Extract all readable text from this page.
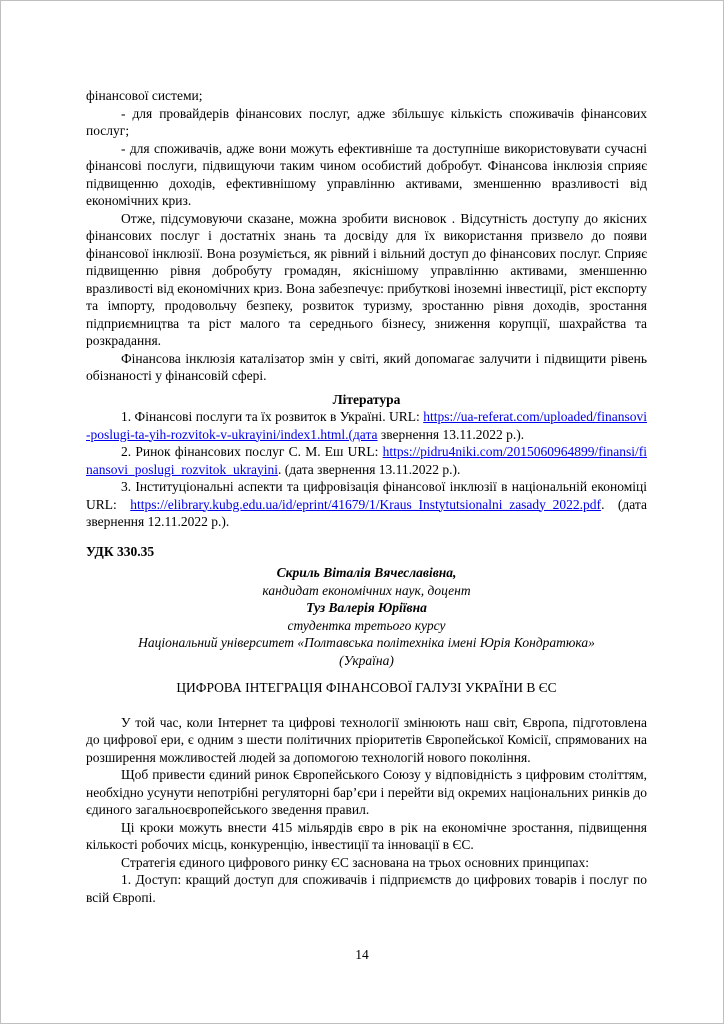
фінансової системи;

- для провайдерів фінансових послуг, адже збільшує кількість споживачів фінансових послуг;

- для споживачів, адже вони можуть ефективніше та доступніше використовувати сучасні фінансові послуги, підвищуючи таким чином особистий добробут. Фінансова інклюзія сприяє підвищенню доходів, ефективнішому управлінню активами, зменшенню вразливості від економічних криз.

Отже, підсумовуючи сказане, можна зробити висновок . Відсутність доступу до якісних фінансових послуг і достатніх знань та досвіду для їх використання призвело до появи фінансової інклюзії. Вона розуміється, як рівний і вільний доступ до фінансових послуг. Сприяє підвищенню рівня добробуту громадян, якіснішому управлінню активами, зменшенню вразливості від економічних криз. Вона забезпечує: прибуткові іноземні інвестиції, ріст експорту та імпорту, продовольчу безпеку, розвиток туризму, зростанню рівня доходів, зростання підприємництва та ріст малого та середнього бізнесу, зниження корупції, шахрайства та розкрадання.

Фінансова інклюзія каталізатор змін у світі, який допомагає залучити і підвищити рівень обізнаності у фінансовій сфері.

Література

1. Фінансові послуги та їх розвиток в Україні. URL: https://ua-referat.com/uploaded/finansovi-poslugi-ta-yih-rozvitok-v-ukrayini/index1.html.(дата звернення 13.11.2022 р.).

2. Ринок фінансових послуг С. М. Еш URL: https://pidru4niki.com/2015060964899/finansi/finansovi_poslugi_rozvitok_ukrayini. (дата звернення 13.11.2022 р.).

3. Інституціональні аспекти та цифровізація фінансової інклюзії в національній економіці URL: https://elibrary.kubg.edu.ua/id/eprint/41679/1/Kraus_Instytutsionalni_zasady_2022.pdf. (дата звернення 12.11.2022 р.).

УДК 330.35

Скриль Віталія Вячеславівна,

кандидат економічних наук, доцент

Туз Валерія Юріївна

студентка третього курсу

Національний університет «Полтавська політехніка імені Юрія Кондратюка»

(Україна)

ЦИФРОВА ІНТЕГРАЦІЯ ФІНАНСОВОЇ ГАЛУЗІ УКРАЇНИ В ЄС

У той час, коли Інтернет та цифрові технології змінюють наш світ, Європа, підготовлена до цифрової ери, є одним з шести політичних пріоритетів Європейської Комісії, спрямованих на розширення можливостей людей за допомогою технологій нового покоління.

Щоб привести єдиний ринок Європейського Союзу у відповідність з цифровим століттям, необхідно усунути непотрібні регуляторні бар’єри і перейти від окремих національних ринків до єдиного загальноєвропейського зведення правил.

Ці кроки можуть внести 415 мільярдів євро в рік на економічне зростання, підвищення кількості робочих місць, конкуренцію, інвестиції та інновації в ЄС.

Стратегія єдиного цифрового ринку ЄС заснована на трьох основних принципах:

1. Доступ: кращий доступ для споживачів і підприємств до цифрових товарів і послуг по всій Європі.

14
